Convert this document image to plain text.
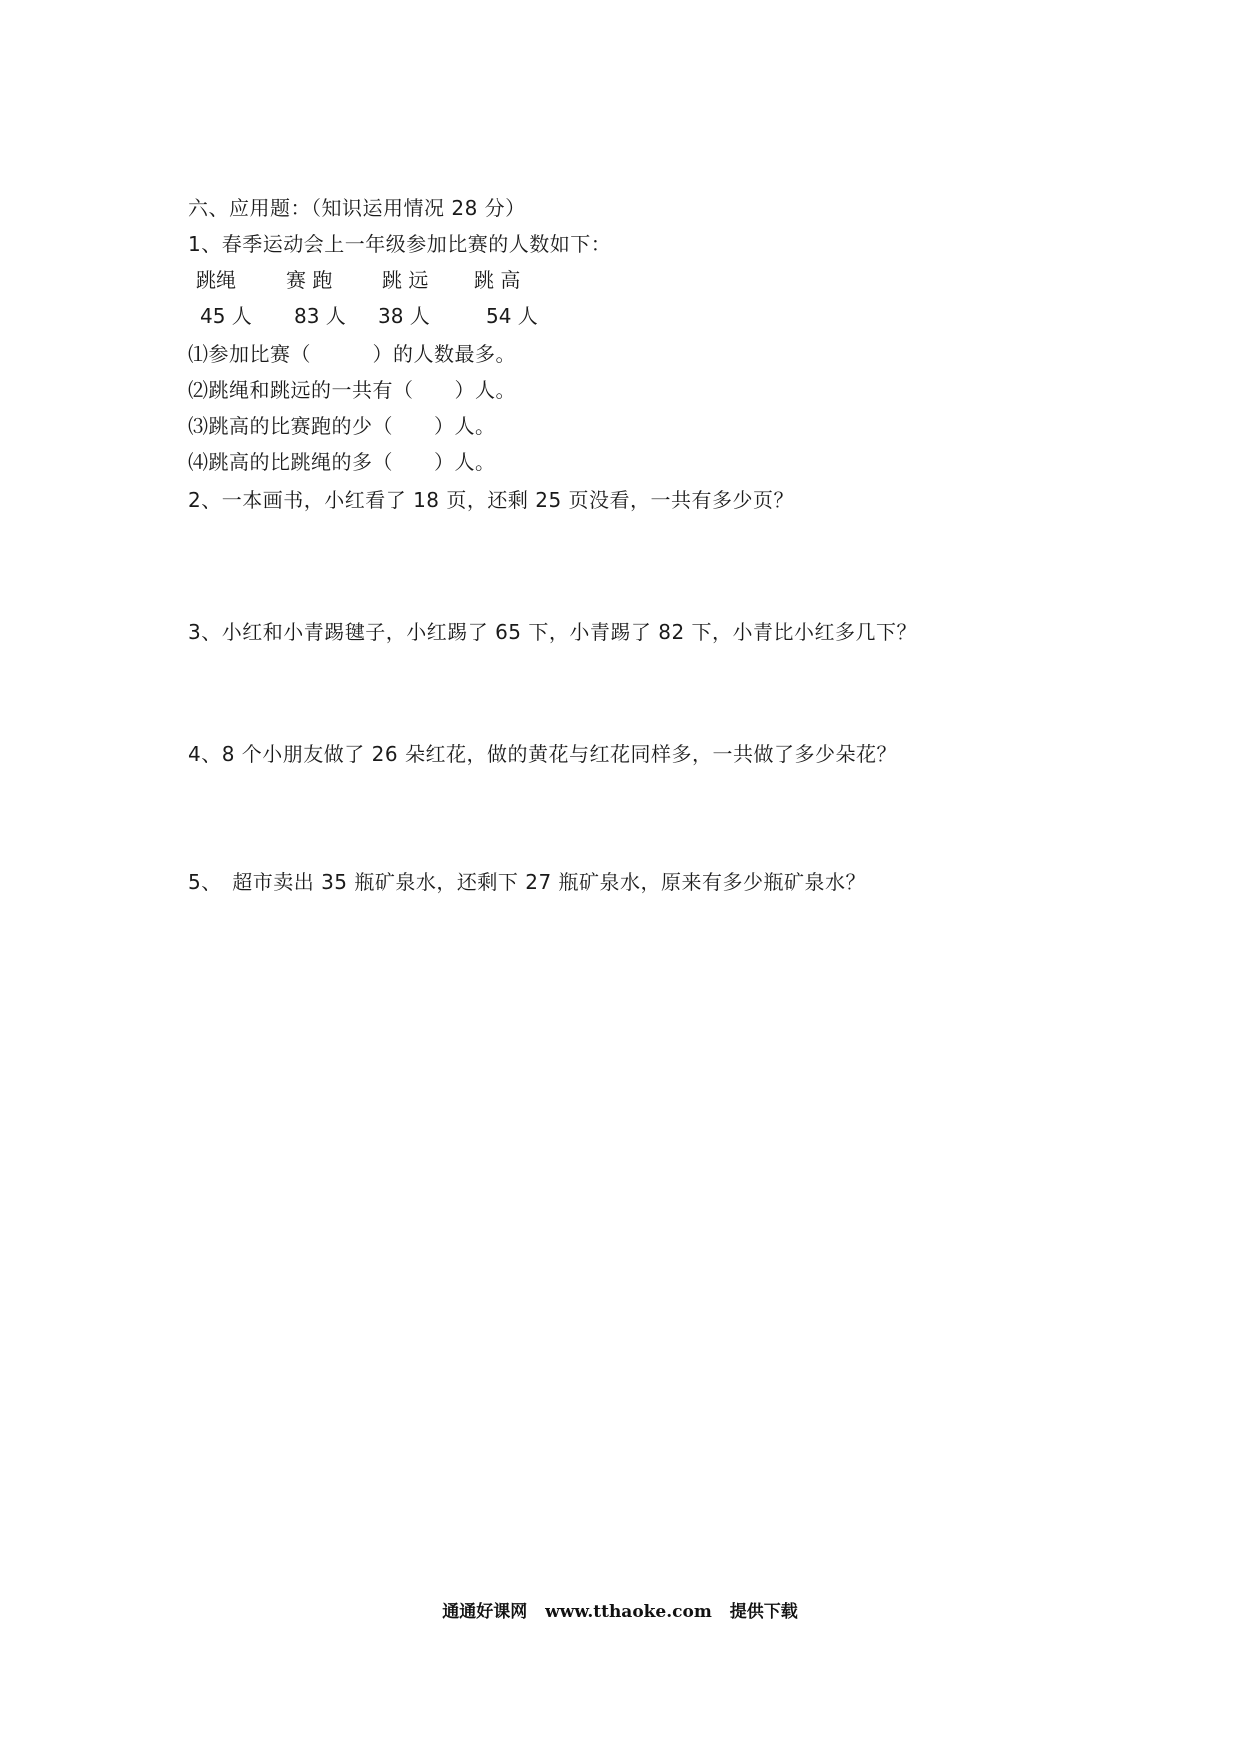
六、应用题：（知识运用情况 28 分）
1、春季运动会上一年级参加比赛的人数如下：

跳绳

	赛 跑

跳 远

跳 高

45 人

83 人

38 人

	54 人

⑴参加比赛（　　　）的人数最多。
⑵跳绳和跳远的一共有（　　）人。
⑶跳高的比赛跑的少（　　）人。
⑷跳高的比跳绳的多（　　）人。
2、一本画书，小红看了 18 页，还剩 25 页没看，一共有多少页？
3、小红和小青踢毽子，小红踢了 65 下，小青踢了 82 下，小青比小红多几下？
4、8 个小朋友做了 26 朵红花，做的黄花与红花同样多，一共做了多少朵花？
5、　超市卖出 35 瓶矿泉水，还剩下 27 瓶矿泉水，原来有多少瓶矿泉水？
通通好课网 www.tthaoke.com 提供下载
